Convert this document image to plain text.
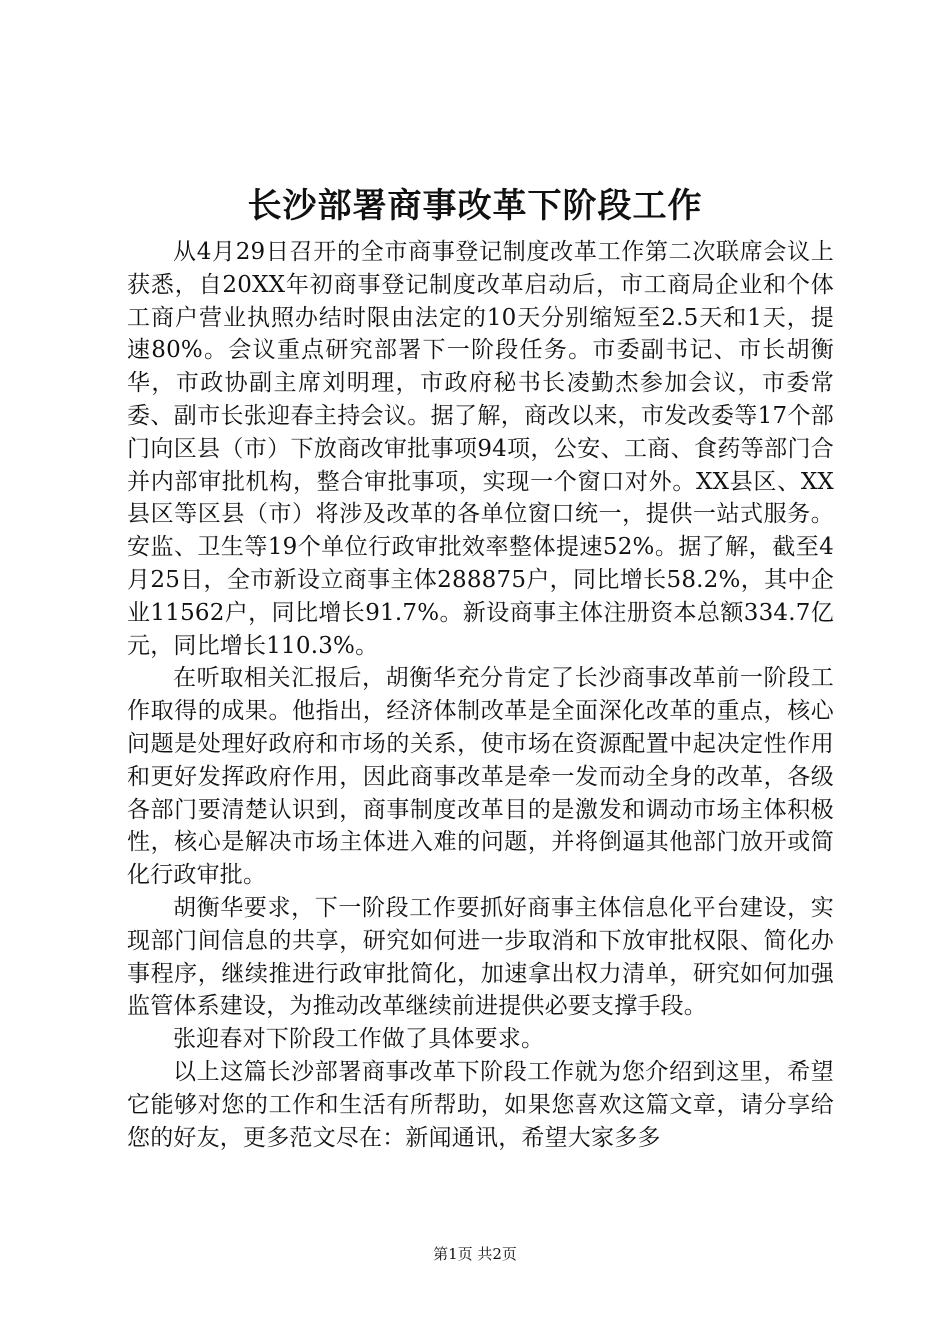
长沙部署商事改革下阶段工作

从4月29日召开的全市商事登记制度改革工作第二次联席会议上获悉，自20XX年初商事登记制度改革启动后，市工商局企业和个体工商户营业执照办结时限由法定的10天分别缩短至2.5天和1天，提速80%。会议重点研究部署下一阶段任务。市委副书记、市长胡衡华，市政协副主席刘明理，市政府秘书长凌勤杰参加会议，市委常委、副市长张迎春主持会议。据了解，商改以来，市发改委等17个部门向区县（市）下放商改审批事项94项，公安、工商、食药等部门合并内部审批机构，整合审批事项，实现一个窗口对外。XX县区、XX县区等区县（市）将涉及改革的各单位窗口统一，提供一站式服务。安监、卫生等19个单位行政审批效率整体提速52%。据了解，截至4月25日，全市新设立商事主体288875户，同比增长58.2%，其中企业11562户，同比增长91.7%。新设商事主体注册资本总额334.7亿元，同比增长110.3%。

在听取相关汇报后，胡衡华充分肯定了长沙商事改革前一阶段工作取得的成果。他指出，经济体制改革是全面深化改革的重点，核心问题是处理好政府和市场的关系，使市场在资源配置中起决定性作用和更好发挥政府作用，因此商事改革是牵一发而动全身的改革，各级各部门要清楚认识到，商事制度改革目的是激发和调动市场主体积极性，核心是解决市场主体进入难的问题，并将倒逼其他部门放开或简化行政审批。

胡衡华要求，下一阶段工作要抓好商事主体信息化平台建设，实现部门间信息的共享，研究如何进一步取消和下放审批权限、简化办事程序，继续推进行政审批简化，加速拿出权力清单，研究如何加强监管体系建设，为推动改革继续前进提供必要支撑手段。

张迎春对下阶段工作做了具体要求。

以上这篇长沙部署商事改革下阶段工作就为您介绍到这里，希望它能够对您的工作和生活有所帮助，如果您喜欢这篇文章，请分享给您的好友，更多范文尽在：新闻通讯，希望大家多多

第1页 共2页
